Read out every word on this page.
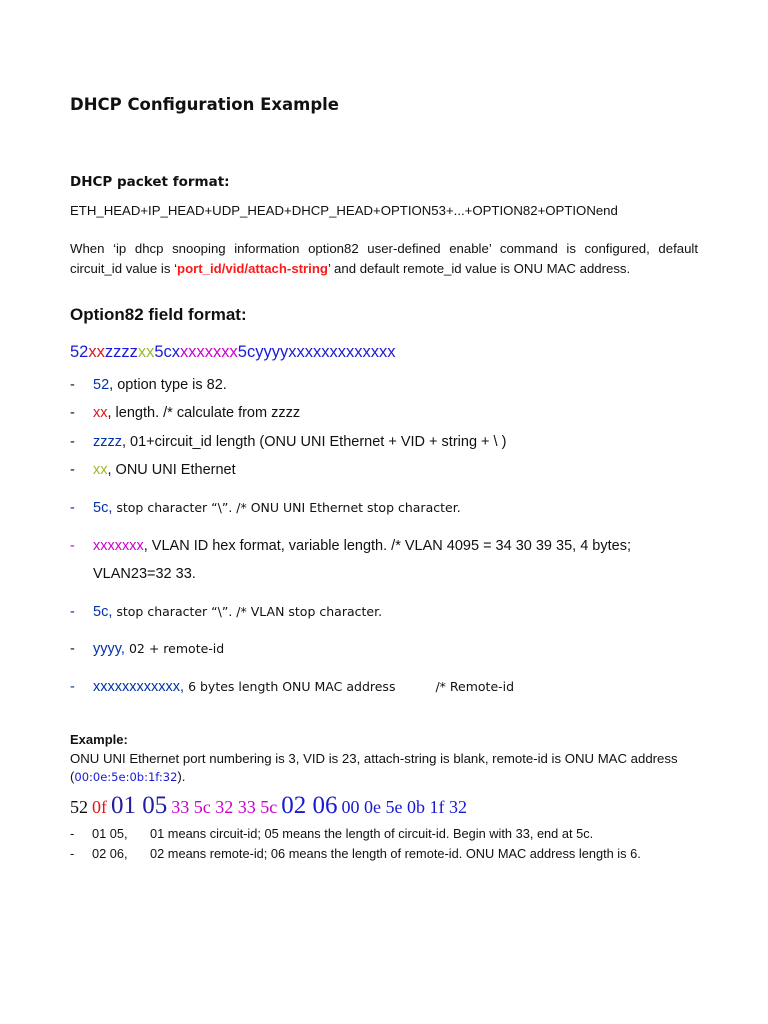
DHCP Configuration Example
DHCP packet format:
ETH_HEAD+IP_HEAD+UDP_HEAD+DHCP_HEAD+OPTION53+...+OPTION82+OPTIONend
When ‘ip dhcp snooping information option82 user-defined enable’ command is configured, default circuit_id value is ‘port_id/vid/attach-string’ and default remote_id value is ONU MAC address.
Option82 field format:
52xxzzzzxx5cxxxxxxxx5cyyyyxxxxxxxxxxxxx
- 52, option type is 82.
- xx, length. /* calculate from zzzz
- zzzz, 01+circuit_id length (ONU UNI Ethernet + VID + string + \ )
- xx, ONU UNI Ethernet
- 5c, stop character “\”. /* ONU UNI Ethernet stop character.
- xxxxxxx, VLAN ID hex format, variable length. /* VLAN 4095 = 34 30 39 35, 4 bytes;
VLAN23=32 33.
- 5c, stop character “\”. /* VLAN stop character.
- yyyy, 02 + remote-id
- xxxxxxxxxxxx, 6 bytes length ONU MAC address	/* Remote-id
Example:
ONU UNI Ethernet port numbering is 3, VID is 23, attach-string is blank, remote-id is ONU MAC address
(00:0e:5e:0b:1f:32).
52 0f 01 05 33 5c 32 33 5c 02 06 00 0e 5e 0b 1f 32
- 01 05, 01 means circuit-id; 05 means the length of circuit-id. Begin with 33, end at 5c.
- 02 06, 02 means remote-id; 06 means the length of remote-id. ONU MAC address length is 6.
